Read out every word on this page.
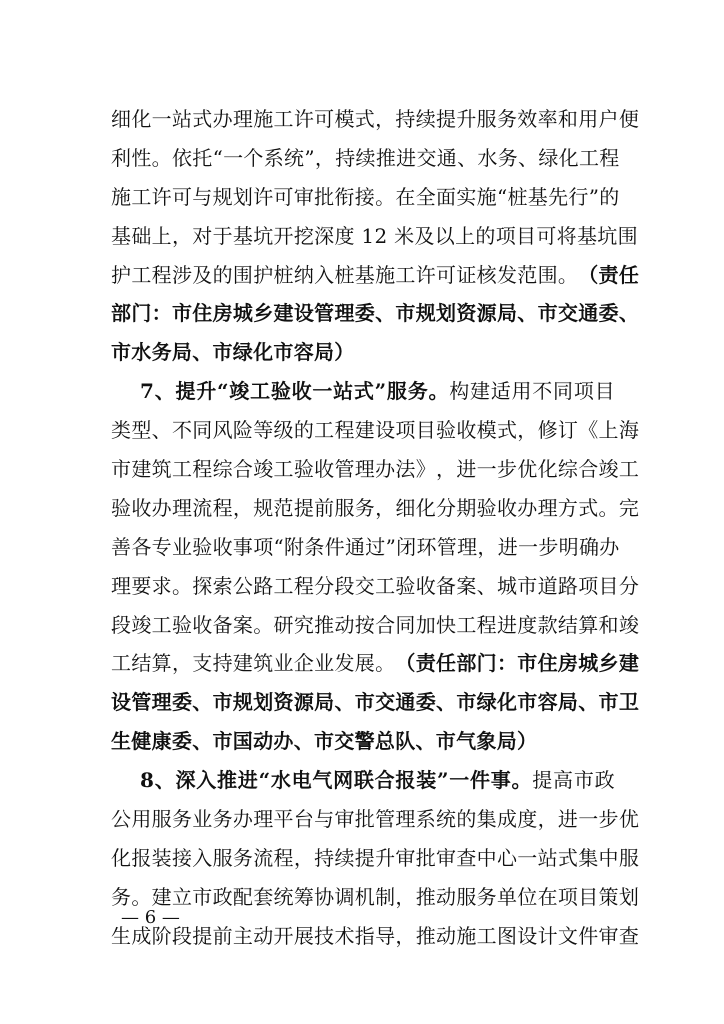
细 化 一 站 式 办 理 施 工 许 可 模 式 ， 持 续 提 升 服 务 效 率 和 用 户 便
利 性 。 依 托 “ 一 个 系 统 ” ， 持 续 推 进 交 通 、 水 务 、 绿 化 工 程
施 工 许 可 与 规 划 许 可 审 批 衔 接 。 在 全 面 实 施 “ 桩 基 先 行 ” 的
基 础 上 ， 对 于 基 坑 开 挖 深 度 1 2 米 及 以 上 的 项 目 可 将 基 坑 围
护 工 程 涉 及 的 围 护 桩 纳 入 桩 基 施 工 许 可 证 核 发 范 围 。 （ 责 任
部 门 ： 市 住 房 城 乡 建 设 管 理 委 、 市 规 划 资 源 局 、 市 交 通 委 、
市水务局、市绿化市容局）
7 、 提 升 “ 竣 工 验 收 一 站 式 ” 服 务 。 构 建 适 用 不 同 项 目
类 型 、 不 同 风 险 等 级 的 工 程 建 设 项 目 验 收 模 式 ， 修 订 《 上 海
市 建 筑 工 程 综 合 竣 工 验 收 管 理 办 法 》 ， 进 一 步 优 化 综 合 竣 工
验 收 办 理 流 程 ， 规 范 提 前 服 务 ， 细 化 分 期 验 收 办 理 方 式 。 完
善 各 专 业 验 收 事 项 “ 附 条 件 通 过 ” 闭 环 管 理 ， 进 一 步 明 确 办
理 要 求 。 探 索 公 路 工 程 分 段 交 工 验 收 备 案 、 城 市 道 路 项 目 分
段 竣 工 验 收 备 案 。 研 究 推 动 按 合 同 加 快 工 程 进 度 款 结 算 和 竣
工 结 算 ， 支 持 建 筑 业 企 业 发 展 。 （ 责 任 部 门 ： 市 住 房 城 乡 建
设 管 理 委 、 市 规 划 资 源 局 、 市 交 通 委 、 市 绿 化 市 容 局 、 市 卫
生健康委、市国动办、市交警总队、市气象局）
8 、 深 入 推 进 “ 水 电 气 网 联 合 报 装 ” 一 件 事 。 提 高 市 政
公 用 服 务 业 务 办 理 平 台 与 审 批 管 理 系 统 的 集 成 度 ， 进 一 步 优
化 报 装 接 入 服 务 流 程 ， 持 续 提 升 审 批 审 查 中 心 一 站 式 集 中 服
务 。 建 立 市 政 配 套 统 筹 协 调 机 制 ， 推 动 服 务 单 位 在 项 目 策 划
生 成 阶 段 提 前 主 动 开 展 技 术 指 导 ， 推 动 施 工 图 设 计 文 件 审 查
— 6 —
